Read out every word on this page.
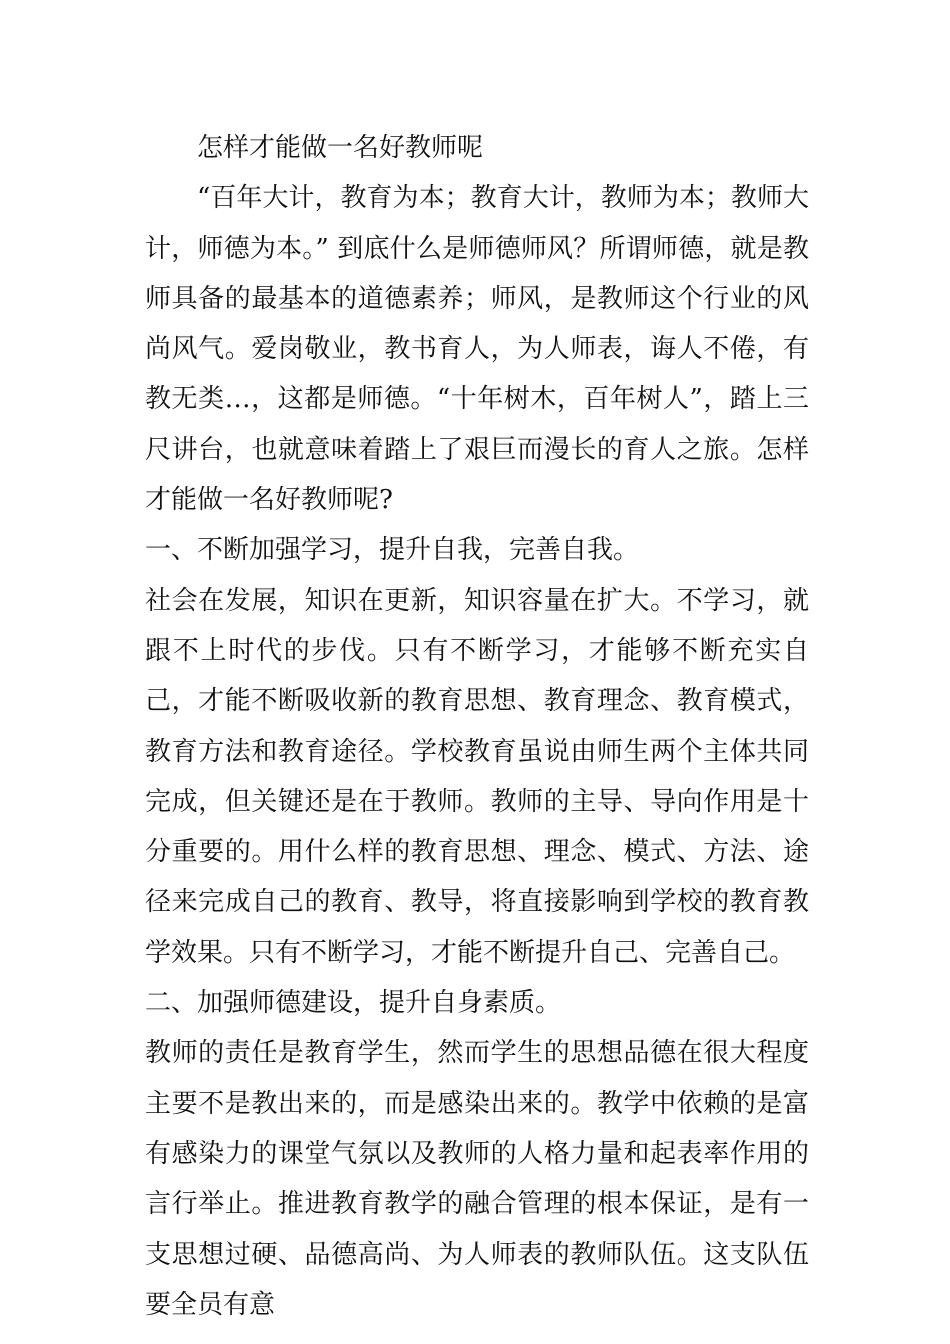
怎样才能做一名好教师呢

“百年大计，教育为本；教育大计，教师为本；教师大计，师德为本。” 到底什么是师德师风？所谓师德，就是教师具备的最基本的道德素养；师风，是教师这个行业的风尚风气。爱岗敬业，教书育人，为人师表，诲人不倦，有教无类…，这都是师德。“十年树木，百年树人”，踏上三尺讲台，也就意味着踏上了艰巨而漫长的育人之旅。怎样才能做一名好教师呢?

一、不断加强学习，提升自我，完善自我。

社会在发展，知识在更新，知识容量在扩大。不学习，就跟不上时代的步伐。只有不断学习，才能够不断充实自己，才能不断吸收新的教育思想、教育理念、教育模式，教育方法和教育途径。学校教育虽说由师生两个主体共同完成，但关键还是在于教师。教师的主导、导向作用是十分重要的。用什么样的教育思想、理念、模式、方法、途径来完成自己的教育、教导，将直接影响到学校的教育教学效果。只有不断学习，才能不断提升自己、完善自己。

二、加强师德建设，提升自身素质。

教师的责任是教育学生，然而学生的思想品德在很大程度主要不是教出来的，而是感染出来的。教学中依赖的是富有感染力的课堂气氛以及教师的人格力量和起表率作用的言行举止。推进教育教学的融合管理的根本保证，是有一支思想过硬、品德高尚、为人师表的教师队伍。这支队伍要全员有意
